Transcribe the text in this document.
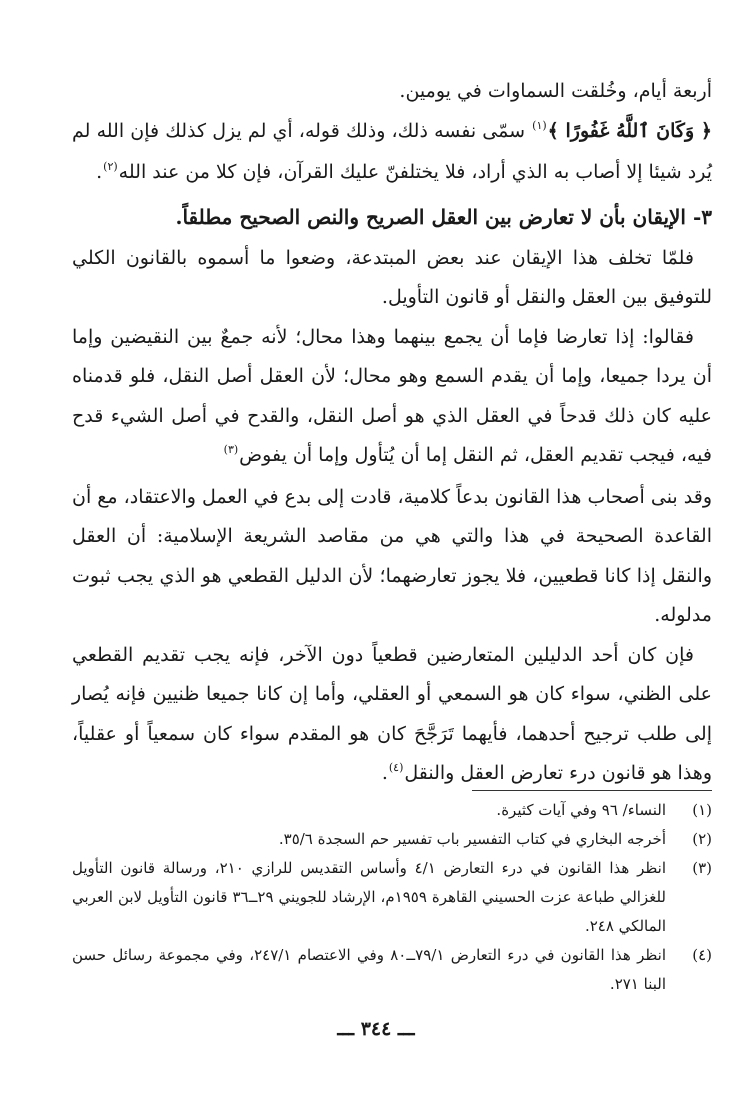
أربعة أيام، وخُلقت السماوات في يومين.

﴿ وَكَانَ ٱللَّهُ غَفُورًا ﴾$^{(١)}$ سمّى نفسه ذلك، وذلك قوله، أي لم يزل كذلك فإن الله لم يُرد شيئا إلا أصاب به الذي أراد، فلا يختلفنّ عليك القرآن، فإن كلا من عند الله$^{(٢)}$.

٣- الإيقان بأن لا تعارض بين العقل الصريح والنص الصحيح مطلقاً.

فلمّا تخلف هذا الإيقان عند بعض المبتدعة، وضعوا ما أسموه بالقانون الكلي للتوفيق بين العقل والنقل أو قانون التأويل.

فقالوا: إذا تعارضا فإما أن يجمع بينهما وهذا محال؛ لأنه جمعٌ بين النقيضين وإما أن يردا جميعا، وإما أن يقدم السمع وهو محال؛ لأن العقل أصل النقل، فلو قدمناه عليه كان ذلك قدحاً في العقل الذي هو أصل النقل، والقدح في أصل الشيء قدح فيه، فيجب تقديم العقل، ثم النقل إما أن يُتأول وإما أن يفوض$^{(٣)}$

وقد بنى أصحاب هذا القانون بدعاً كلامية، قادت إلى بدع في العمل والاعتقاد، مع أن القاعدة الصحيحة في هذا والتي هي من مقاصد الشريعة الإسلامية: أن العقل والنقل إذا كانا قطعيين، فلا يجوز تعارضهما؛ لأن الدليل القطعي هو الذي يجب ثبوت مدلوله.

فإن كان أحد الدليلين المتعارضين قطعياً دون الآخر، فإنه يجب تقديم القطعي على الظني، سواء كان هو السمعي أو العقلي، وأما إن كانا جميعا ظنيين فإنه يُصار إلى طلب ترجيح أحدهما، فأيهما تَرَجَّحَ كان هو المقدم سواء كان سمعياً أو عقلياً، وهذا هو قانون درء تعارض العقل والنقل$^{(٤)}$.

(١)
النساء/ ٩٦ وفي آيات كثيرة.
(٢)
أخرجه البخاري في كتاب التفسير باب تفسير حم السجدة ٣٥/٦.
(٣)
انظر هذا القانون في درء التعارض ٤/١ وأساس التقديس للرازي ٢١٠، ورسالة قانون التأويل للغزالي طباعة عزت الحسيني القاهرة ١٩٥٩م، الإرشاد للجويني ٢٩ــ٣٦ قانون التأويل لابن العربي المالكي ٢٤٨.
(٤)
انظر هذا القانون في درء التعارض ٧٩/١ــ٨٠ وفي الاعتصام ٢٤٧/١، وفي مجموعة رسائل حسن البنا ٢٧١.
ـــ ٣٤٤ ـــ
